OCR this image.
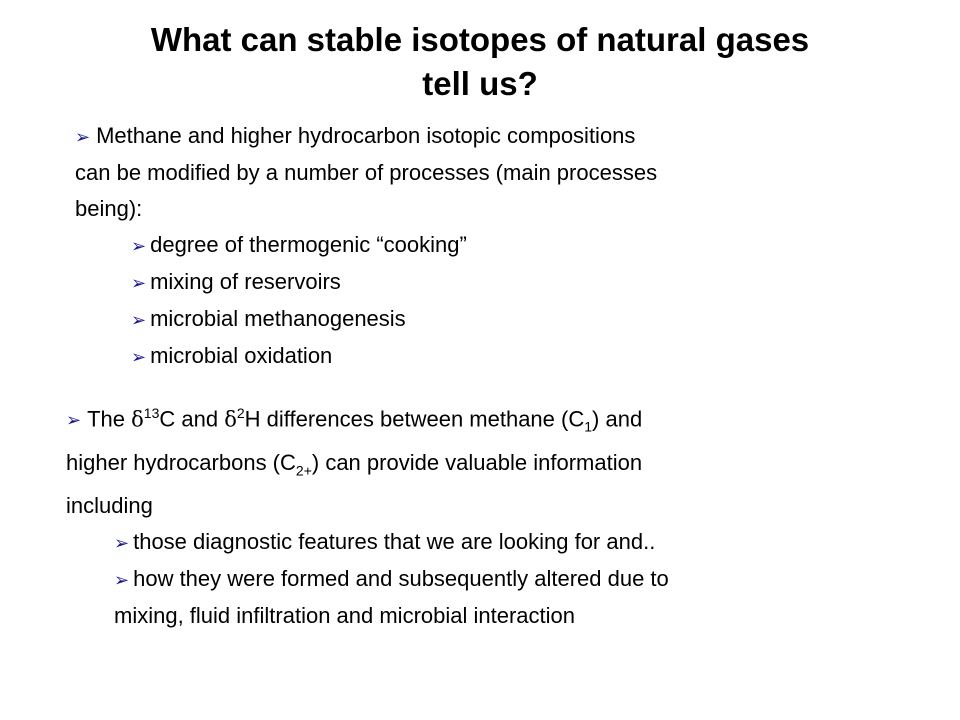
What can stable isotopes of natural gases
tell us?
➢ Methane and higher hydrocarbon isotopic compositions
can be modified by a number of processes (main processes
being):
➢ degree of thermogenic “cooking”
➢ mixing of reservoirs
➢ microbial methanogenesis
➢ microbial oxidation
➢ The $\delta^{13}C$ and $\delta^2H$ differences between methane $(C_1)$ and
higher hydrocarbons $(C_{2+})$ can provide valuable information
including
➢ those diagnostic features that we are looking for and..
➢ how they were formed and subsequently altered due to
mixing, fluid infiltration and microbial interaction
